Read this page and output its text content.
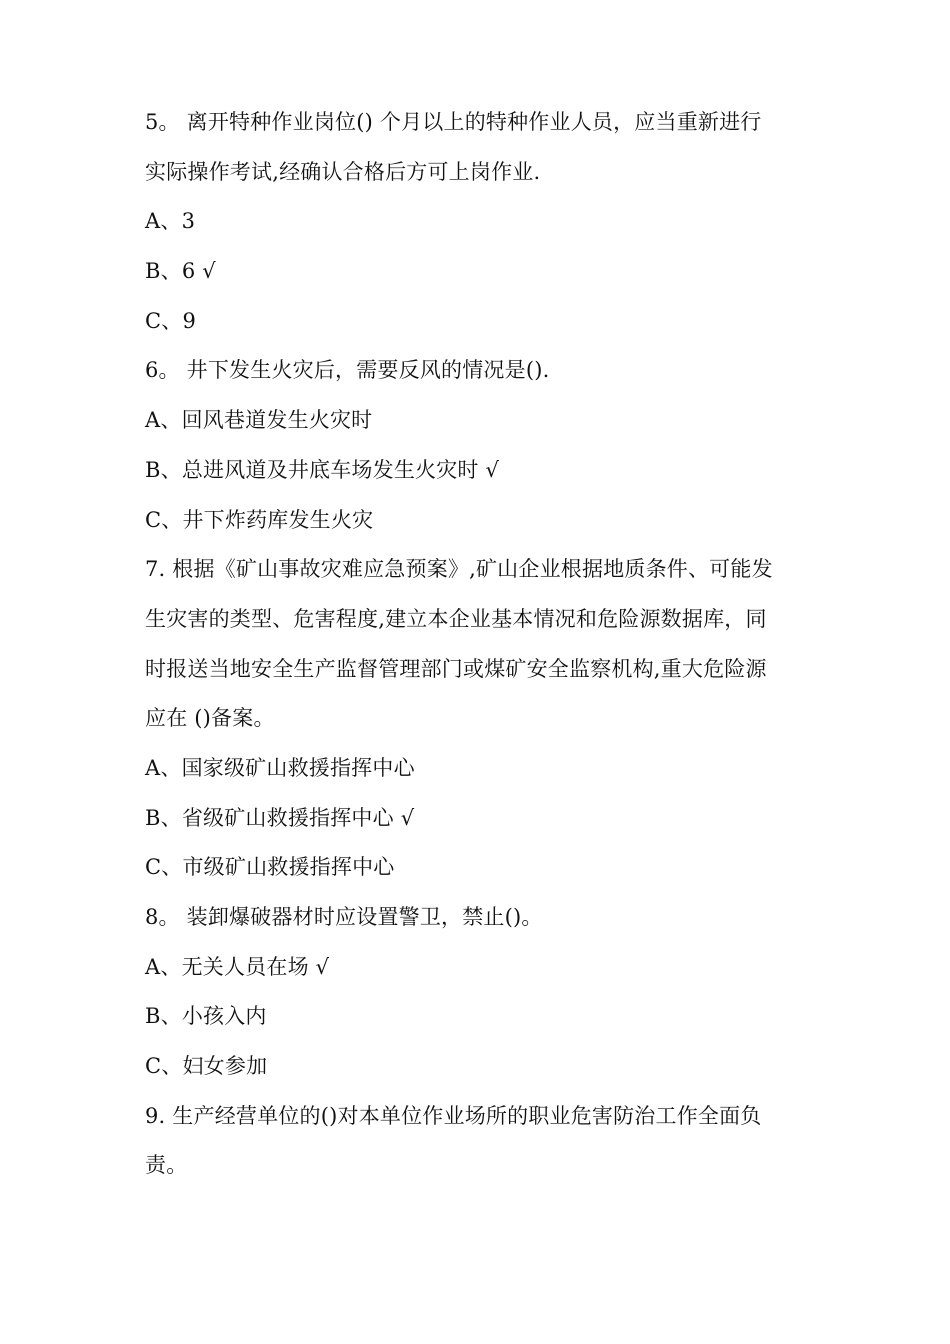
5。 离开特种作业岗位() 个月以上的特种作业人员，应当重新进行
实际操作考试,经确认合格后方可上岗作业.
A、3
B、6 √
C、9
6。 井下发生火灾后，需要反风的情况是().
A、回风巷道发生火灾时
B、总进风道及井底车场发生火灾时 √
C、井下炸药库发生火灾
7. 根据《矿山事故灾难应急预案》,矿山企业根据地质条件、可能发
生灾害的类型、危害程度,建立本企业基本情况和危险源数据库，同
时报送当地安全生产监督管理部门或煤矿安全监察机构,重大危险源
应在 ()备案。
A、国家级矿山救援指挥中心
B、省级矿山救援指挥中心 √
C、市级矿山救援指挥中心
8。 装卸爆破器材时应设置警卫，禁止()。
A、无关人员在场 √
B、小孩入内
C、妇女参加
9. 生产经营单位的()对本单位作业场所的职业危害防治工作全面负
责。
